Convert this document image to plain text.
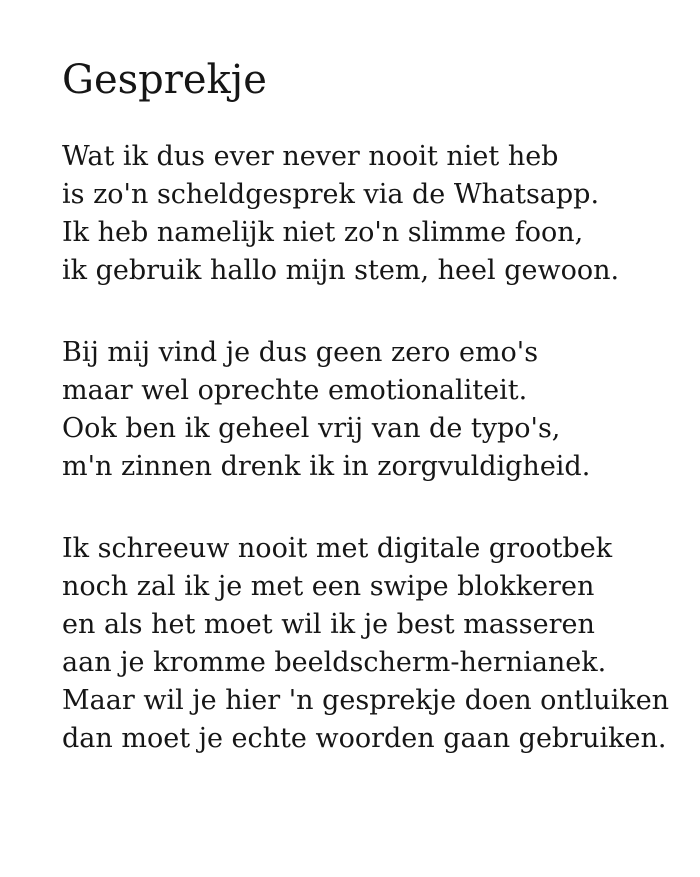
Gesprekje

Wat ik dus ever never nooit niet heb
is zo'n scheldgesprek via de Whatsapp.
Ik heb namelijk niet zo'n slimme foon,
ik gebruik hallo mijn stem, heel gewoon.

Bij mij vind je dus geen zero emo's
maar wel oprechte emotionaliteit.
Ook ben ik geheel vrij van de typo's,
m'n zinnen drenk ik in zorgvuldigheid.

Ik schreeuw nooit met digitale grootbek
noch zal ik je met een swipe blokkeren
en als het moet wil ik je best masseren
aan je kromme beeldscherm-hernianek.
Maar wil je hier 'n gesprekje doen ontluiken
dan moet je echte woorden gaan gebruiken.
